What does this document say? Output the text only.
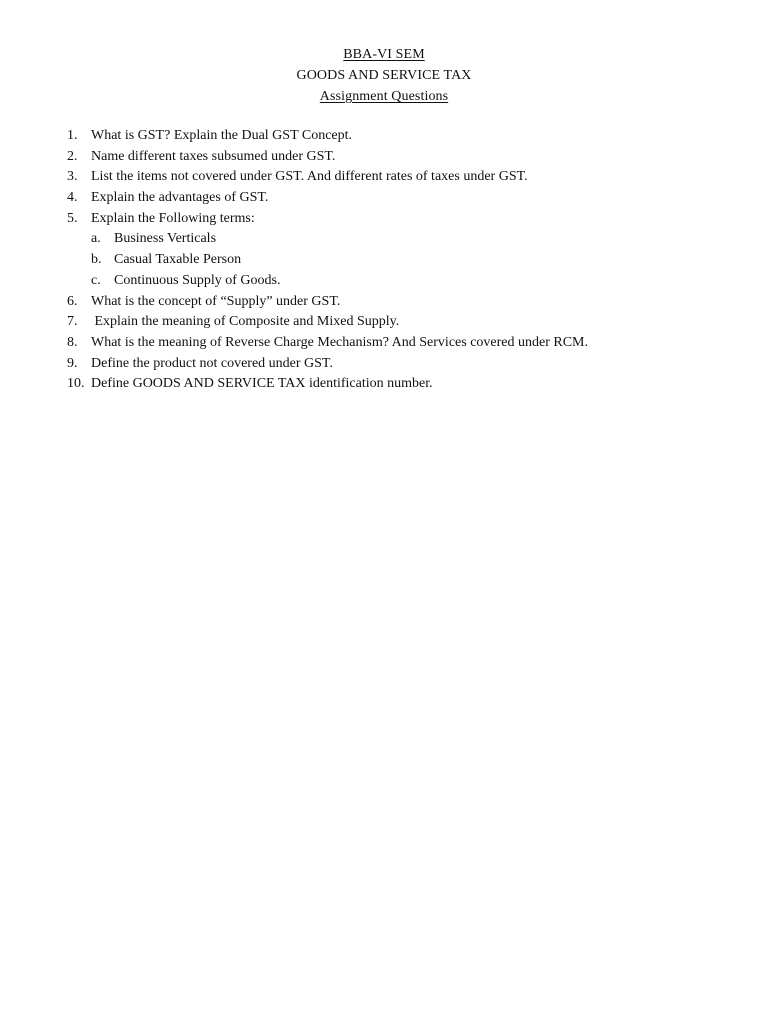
BBA-VI SEM
GOODS AND SERVICE TAX
Assignment Questions
1. What is GST? Explain the Dual GST Concept.
2. Name different taxes subsumed under GST.
3. List the items not covered under GST. And different rates of taxes under GST.
4. Explain the advantages of GST.
5. Explain the Following terms:
a. Business Verticals
b. Casual Taxable Person
c. Continuous Supply of Goods.
6. What is the concept of “Supply” under GST.
7. Explain the meaning of Composite and Mixed Supply.
8. What is the meaning of Reverse Charge Mechanism? And Services covered under RCM.
9. Define the product not covered under GST.
10. Define GOODS AND SERVICE TAX identification number.
